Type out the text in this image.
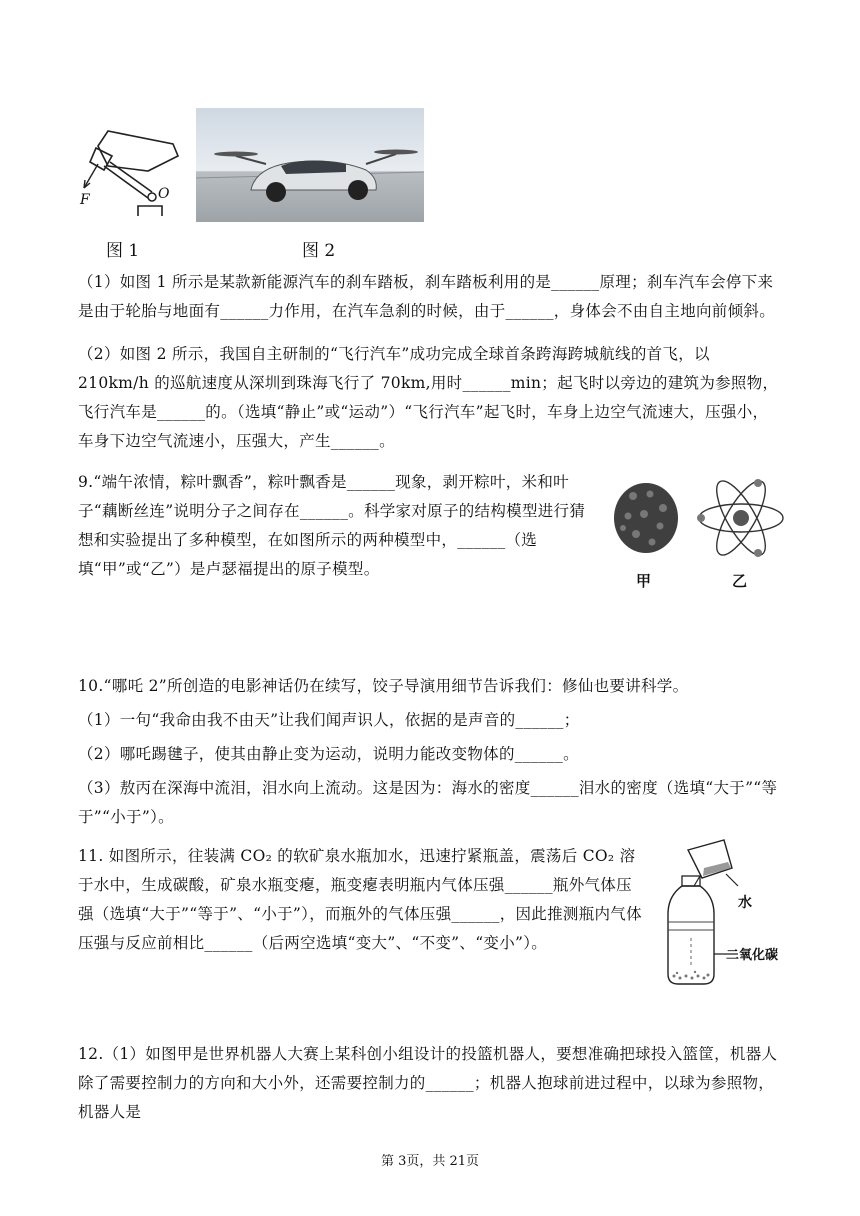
F	O
图 1	图 2

（1）如图 1 所示是某款新能源汽车的刹车踏板，刹车踏板利用的是______原理；刹车汽车会停下来是由于轮胎与地面有______力作用，在汽车急刹的时候，由于______，身体会不由自主地向前倾斜。

（2）如图 2 所示，我国自主研制的“飞行汽车”成功完成全球首条跨海跨城航线的首飞，以 210km/h 的巡航速度从深圳到珠海飞行了 70km,用时______min；起飞时以旁边的建筑为参照物，飞行汽车是______的。（选填“静止”或“运动”）“飞行汽车”起飞时，车身上边空气流速大，压强小，车身下边空气流速小，压强大，产生______。

9.“端午浓情，粽叶飘香”，粽叶飘香是______现象，剥开粽叶，米和叶子“藕断丝连”说明分子之间存在______。科学家对原子的结构模型进行猜想和实验提出了多种模型，在如图所示的两种模型中，______（选填“甲”或“乙”）是卢瑟福提出的原子模型。

甲	乙

10.“哪吒 2”所创造的电影神话仍在续写，饺子导演用细节告诉我们：修仙也要讲科学。

（1）一句“我命由我不由天”让我们闻声识人，依据的是声音的______；

（2）哪吒踢毽子，使其由静止变为运动，说明力能改变物体的______。

（3）敖丙在深海中流泪，泪水向上流动。这是因为：海水的密度______泪水的密度（选填“大于”“等于”“小于”）。

11. 如图所示，往装满 CO₂ 的软矿泉水瓶加水，迅速拧紧瓶盖，震荡后 CO₂ 溶于水中，生成碳酸，矿泉水瓶变瘪，瓶变瘪表明瓶内气体压强______瓶外气体压强（选填“大于”“等于”、“小于”），而瓶外的气体压强______，因此推测瓶内气体压强与反应前相比______（后两空选填“变大”、“不变”、“变小”）。

水
二氧化碳

12.（1）如图甲是世界机器人大赛上某科创小组设计的投篮机器人，要想准确把球投入篮筐，机器人除了需要控制力的方向和大小外，还需要控制力的______；机器人抱球前进过程中，以球为参照物，机器人是

第 3页，共 21页
